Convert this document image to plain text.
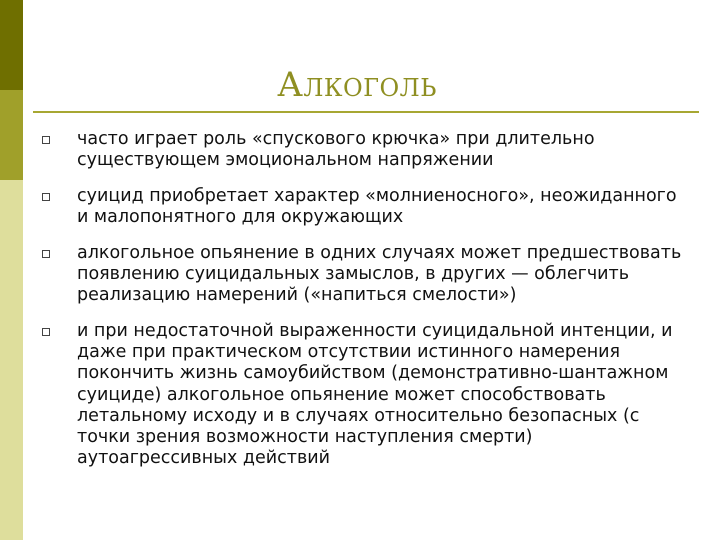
Алкоголь
часто играет роль «спускового крючка» при длительно существующем эмоциональном напряжении
суицид приобретает характер «молниеносного», неожиданного и малопонятного для окружающих
алкогольное опьянение в одних случаях может предшествовать появлению суицидальных замыслов, в других — облегчить реализацию намерений («напиться смелости»)
и при недостаточной выраженности суицидальной интенции, и даже при практическом отсутствии истинного намерения покончить жизнь самоубийством (демонстративно-шантажном суициде) алкогольное опьянение может способствовать летальному исходу и в случаях относительно безопасных (с точки зрения возможности наступления смерти) аутоагрессивных действий
